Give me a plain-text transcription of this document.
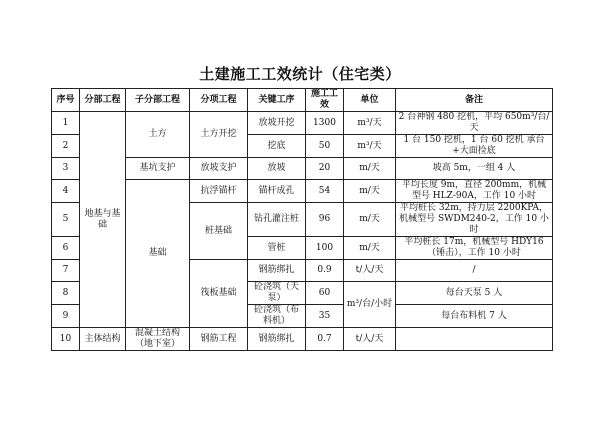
土建施工工效统计（住宅类）
序号	分部工程	子分部工程	分项工程	关键工序	施工工效	单位	备注
1	地基与基础	土方	土方开挖	放坡开挖	1300	m³/天	2 台神钢 480 挖机，平均 650m³/台/天
2				挖底	50	m³/天	1 台 150 挖机，1 台 60 挖机 承台+大面捡底
3		基坑支护	放坡支护	放坡	20	m/天	坡高 5m，一组 4 人
4		基础	抗浮锚杆	锚杆成孔	54	m/天	平均长度 9m，直径 200mm，机械型号 HLZ-90A，工作 10 小时
5			桩基础	钻孔灌注桩	96	m/天	平均桩长 32m，持力层 2200KPA，机械型号 SWDM240-2，工作 10 小时
6				管桩	100	m/天	平均桩长 17m，机械型号 HDY16（锤击），工作 10 小时
7			筏板基础	钢筋绑扎	0.9	t/人/天	/
8				砼浇筑（天泵）	60	m³/台/小时	每台天泵 5 人
9				砼浇筑（布料机）	35		每台布料机 7 人
10	主体结构	混凝土结构（地下室）	钢筋工程	钢筋绑扎	0.7	t/人/天	
